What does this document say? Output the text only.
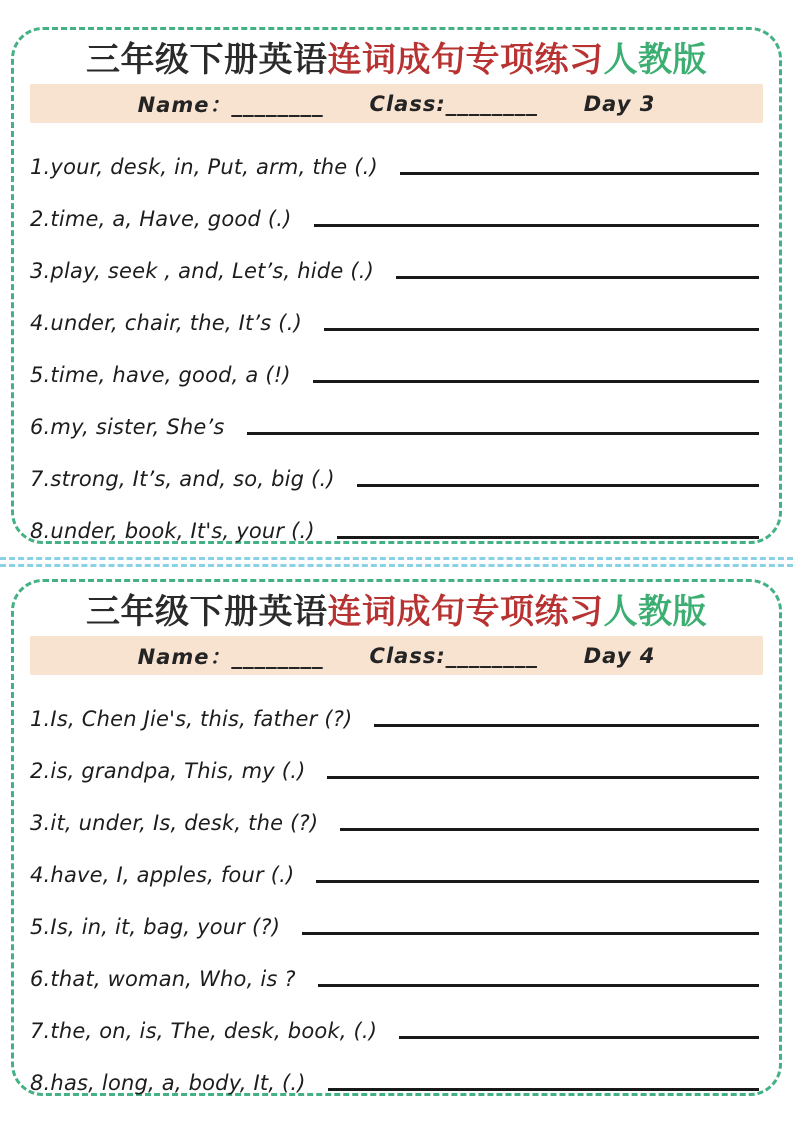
三年级下册英语连词成句专项练习人教版
Name：________ Class:________ Day 3
1.your, desk, in, Put, arm, the (.)
2.time, a, Have, good (.)
3.play, seek , and, Let’s, hide (.)
4.under, chair, the, It’s (.)
5.time, have, good, a (!)
6.my, sister, She’s
7.strong, It’s, and, so, big (.)
8.under, book, It's, your (.)
三年级下册英语连词成句专项练习人教版
Name：________ Class:________ Day 4
1.Is, Chen Jie's, this, father (?)
2.is, grandpa, This, my (.)
3.it, under, Is, desk, the (?)
4.have, I, apples, four (.)
5.Is, in, it, bag, your (?)
6.that, woman, Who, is ?
7.the, on, is, The, desk, book, (.)
8.has, long, a, body, It, (.)
